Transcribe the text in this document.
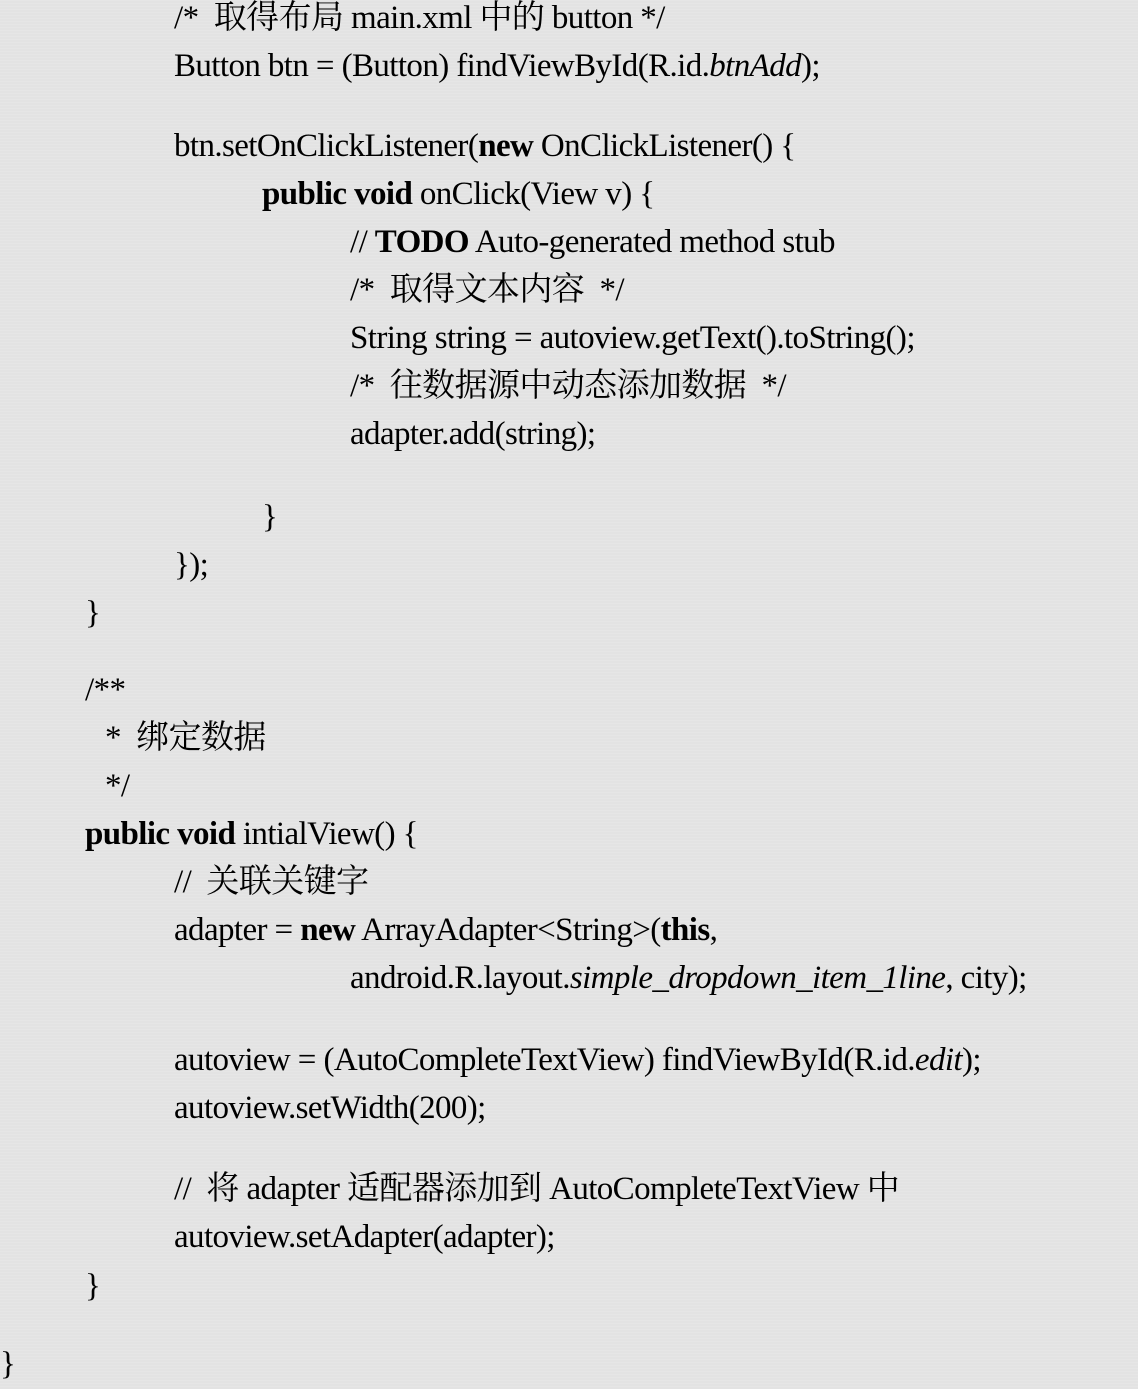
/*  取得布局 main.xml 中的 button */
Button btn = (Button) findViewById(R.id.btnAdd);
btn.setOnClickListener(new OnClickListener() {
public void onClick(View v) {
// TODO Auto-generated method stub
/*  取得文本内容  */
String string = autoview.getText().toString();
/*  往数据源中动态添加数据  */
adapter.add(string);
}
});
}
/**
*  绑定数据
*/
public void intialView() {
//  关联关键字
adapter = new ArrayAdapter<String>(this,
android.R.layout.simple_dropdown_item_1line, city);
autoview = (AutoCompleteTextView) findViewById(R.id.edit);
autoview.setWidth(200);
//  将 adapter 适配器添加到 AutoCompleteTextView 中
autoview.setAdapter(adapter);
}
}
